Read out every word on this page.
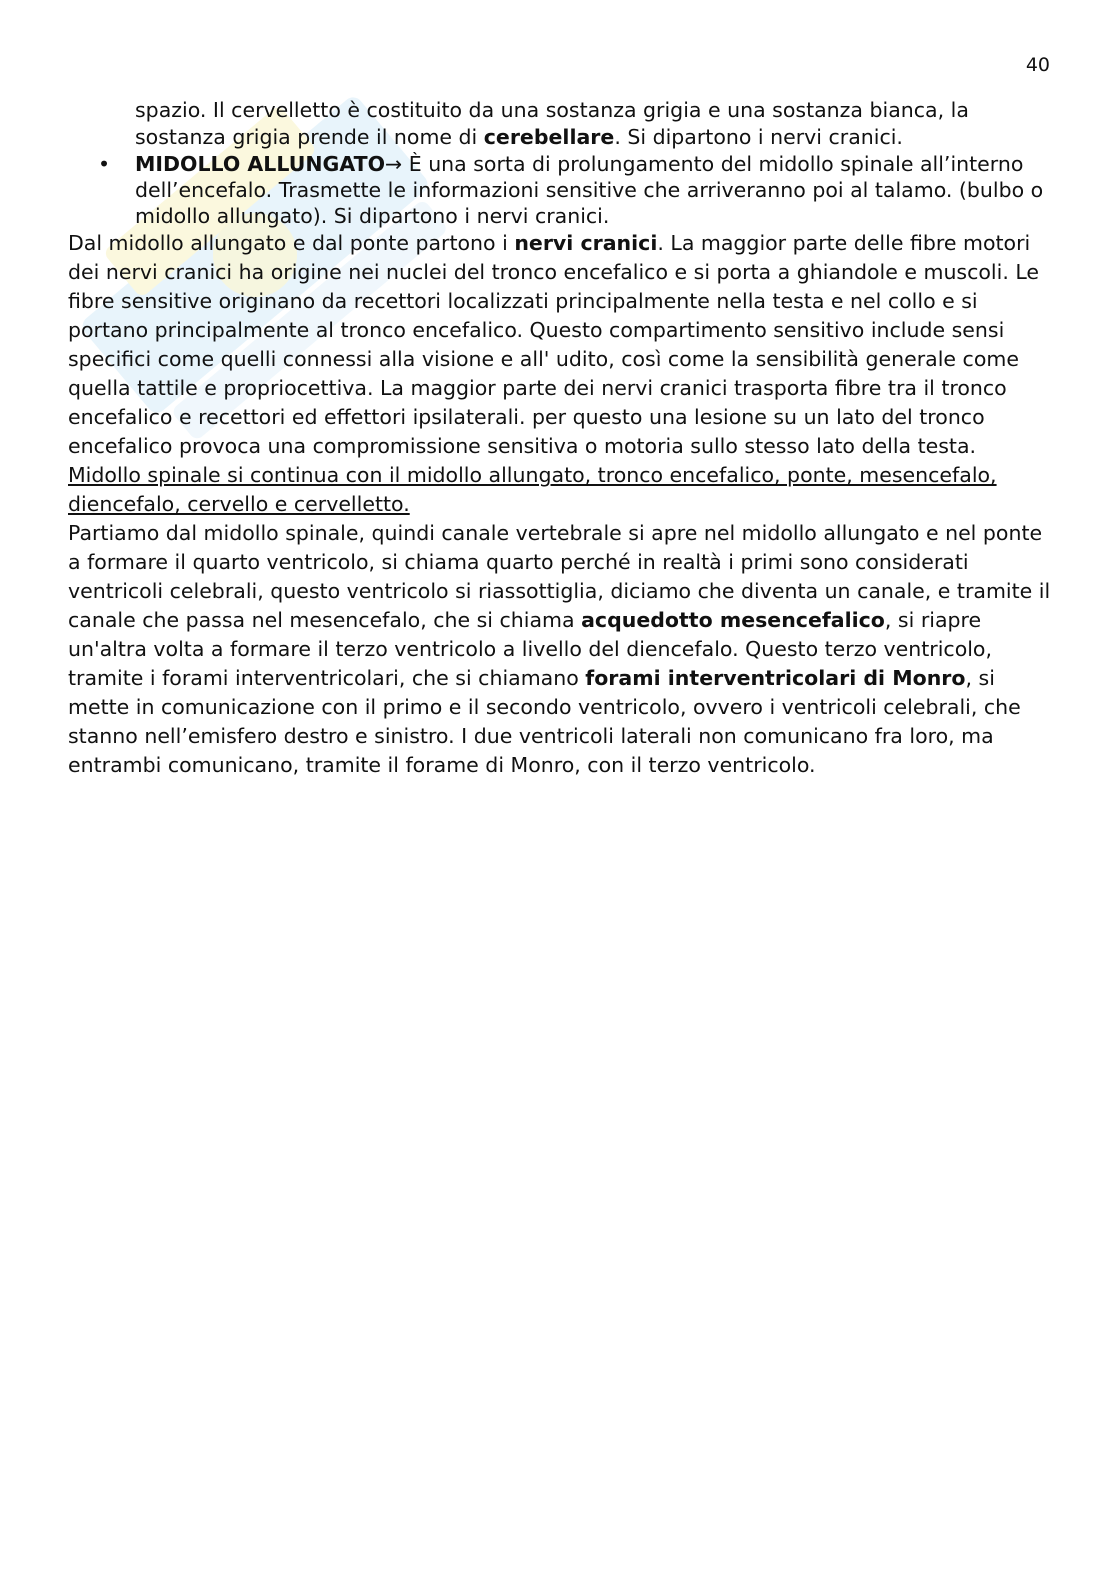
40

spazio. Il cervelletto è costituito da una sostanza grigia e una sostanza bianca, la sostanza grigia prende il nome di cerebellare. Si dipartono i nervi cranici.

• MIDOLLO ALLUNGATO→ È una sorta di prolungamento del midollo spinale all’interno dell’encefalo. Trasmette le informazioni sensitive che arriveranno poi al talamo. (bulbo o midollo allungato). Si dipartono i nervi cranici.

Dal midollo allungato e dal ponte partono i nervi cranici. La maggior parte delle fibre motori dei nervi cranici ha origine nei nuclei del tronco encefalico e si porta a ghiandole e muscoli. Le fibre sensitive originano da recettori localizzati principalmente nella testa e nel collo e si portano principalmente al tronco encefalico. Questo compartimento sensitivo include sensi specifici come quelli connessi alla visione e all' udito, così come la sensibilità generale come quella tattile e propriocettiva. La maggior parte dei nervi cranici trasporta fibre tra il tronco encefalico e recettori ed effettori ipsilaterali. per questo una lesione su un lato del tronco encefalico provoca una compromissione sensitiva o motoria sullo stesso lato della testa.

Midollo spinale si continua con il midollo allungato, tronco encefalico, ponte, mesencefalo, diencefalo, cervello e cervelletto.

Partiamo dal midollo spinale, quindi canale vertebrale si apre nel midollo allungato e nel ponte a formare il quarto ventricolo, si chiama quarto perché in realtà i primi sono considerati ventricoli celebrali, questo ventricolo si riassottiglia, diciamo che diventa un canale, e tramite il canale che passa nel mesencefalo, che si chiama acquedotto mesencefalico, si riapre un'altra volta a formare il terzo ventricolo a livello del diencefalo. Questo terzo ventricolo, tramite i forami interventricolari, che si chiamano forami interventricolari di Monro, si mette in comunicazione con il primo e il secondo ventricolo, ovvero i ventricoli celebrali, che stanno nell’emisfero destro e sinistro. I due ventricoli laterali non comunicano fra loro, ma entrambi comunicano, tramite il forame di Monro, con il terzo ventricolo.
